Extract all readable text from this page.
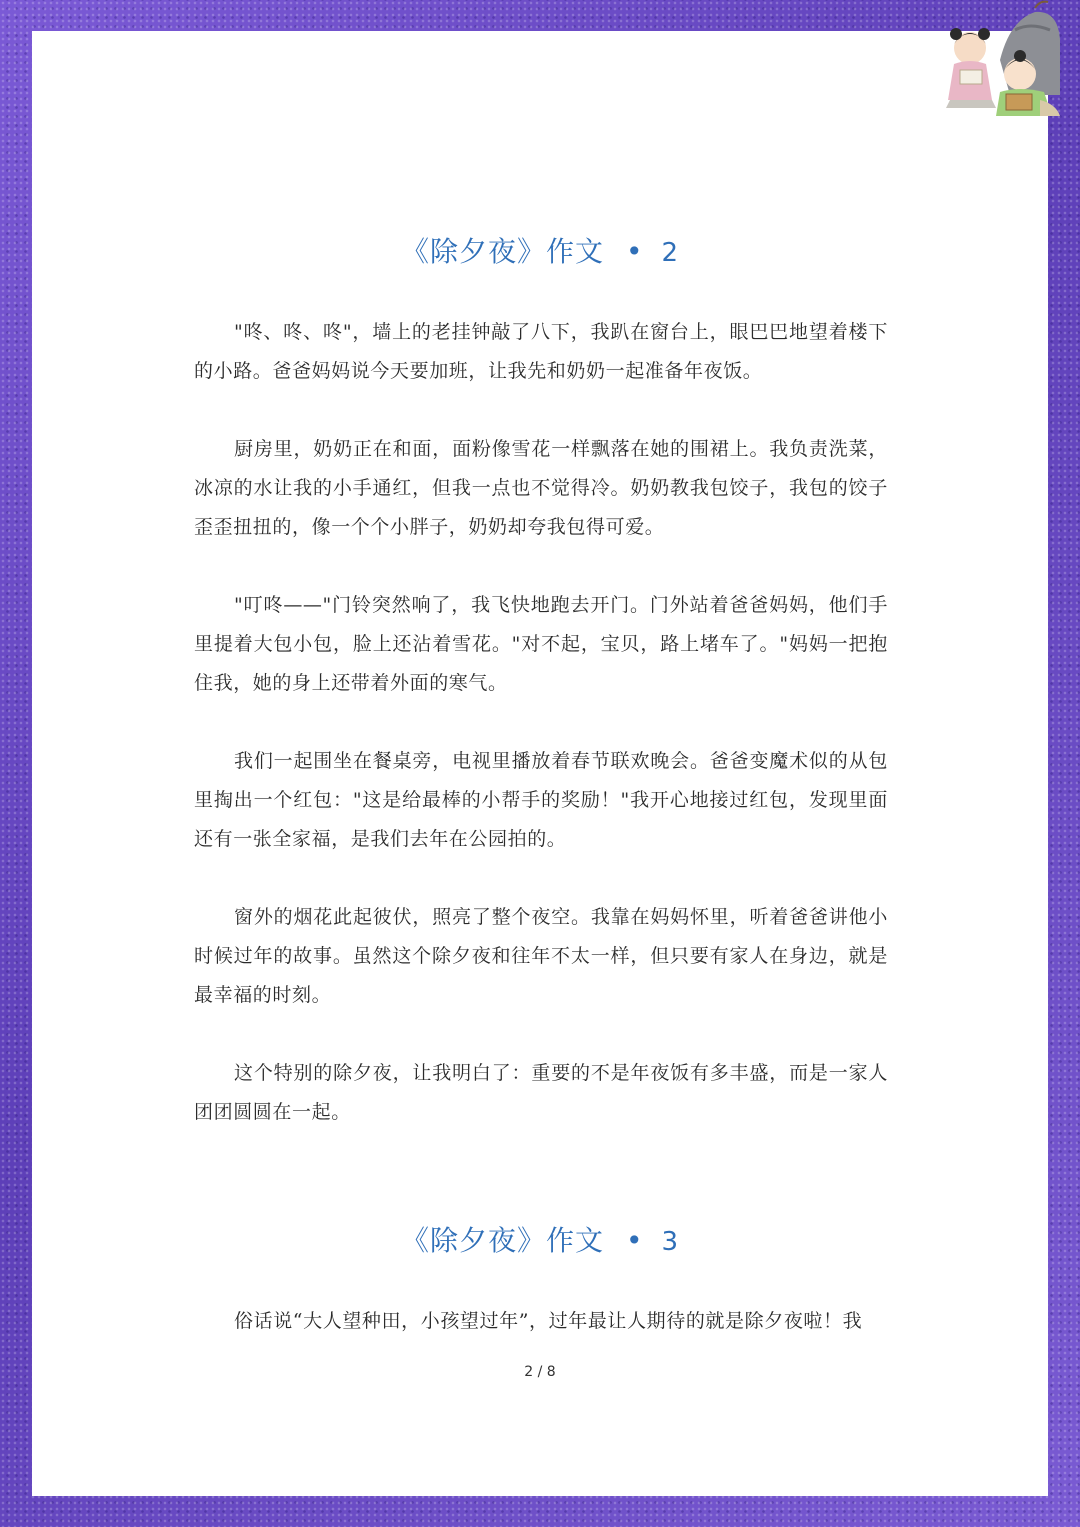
《除夕夜》作文 • 2

"咚、咚、咚"，墙上的老挂钟敲了八下，我趴在窗台上，眼巴巴地望着楼下的小路。爸爸妈妈说今天要加班，让我先和奶奶一起准备年夜饭。

厨房里，奶奶正在和面，面粉像雪花一样飘落在她的围裙上。我负责洗菜，冰凉的水让我的小手通红，但我一点也不觉得冷。奶奶教我包饺子，我包的饺子歪歪扭扭的，像一个个小胖子，奶奶却夸我包得可爱。

"叮咚——"门铃突然响了，我飞快地跑去开门。门外站着爸爸妈妈，他们手里提着大包小包，脸上还沾着雪花。"对不起，宝贝，路上堵车了。"妈妈一把抱住我，她的身上还带着外面的寒气。

我们一起围坐在餐桌旁，电视里播放着春节联欢晚会。爸爸变魔术似的从包里掏出一个红包："这是给最棒的小帮手的奖励！"我开心地接过红包，发现里面还有一张全家福，是我们去年在公园拍的。

窗外的烟花此起彼伏，照亮了整个夜空。我靠在妈妈怀里，听着爸爸讲他小时候过年的故事。虽然这个除夕夜和往年不太一样，但只要有家人在身边，就是最幸福的时刻。

这个特别的除夕夜，让我明白了：重要的不是年夜饭有多丰盛，而是一家人团团圆圆在一起。

《除夕夜》作文 • 3

俗话说“大人望种田，小孩望过年”，过年最让人期待的就是除夕夜啦！我

2 / 8
